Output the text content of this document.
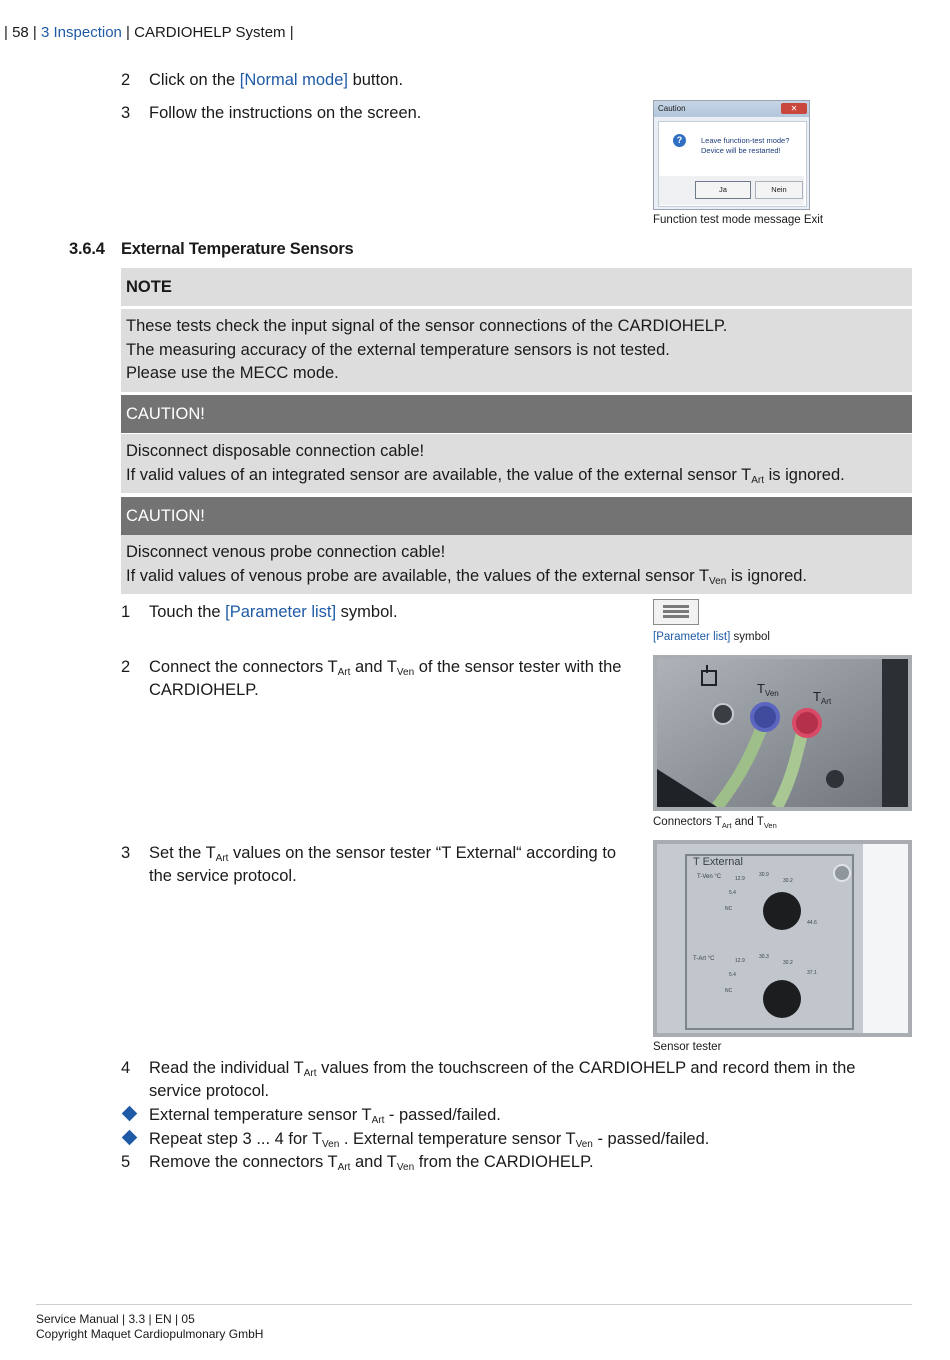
| 58 | 3 Inspection | CARDIOHELP System |
2 Click on the [Normal mode] button.
3 Follow the instructions on the screen.	Caution	✕
?	Leave function-test mode?
Device will be restarted!
Ja	Nein
Function test mode message Exit
3.6.4 External Temperature Sensors
NOTE
These tests check the input signal of the sensor connections of the CARDIOHELP.
The measuring accuracy of the external temperature sensors is not tested.
Please use the MECC mode.
CAUTION!
Disconnect disposable connection cable!
If valid values of an integrated sensor are available, the value of the external sensor $T_{Art}$ is ignored.
CAUTION!
Disconnect venous probe connection cable!
If valid values of venous probe are available, the values of the external sensor $T_{Ven}$ is ignored.
1 Touch the [Parameter list] symbol.
[Parameter list] symbol
2 Connect the connectors $T_{Art}$ and $T_{Ven}$ of the sensor tester with the
CARDIOHELP.	$T_{Ven}$	$T_{Art}$
Connectors $T_{Art}$ and $T_{Ven}$
3 Set the $T_{Art}$ values on the sensor tester “T External“ according to
the service protocol.
T External
T-Ven °C
T-Art °C
12.9
30.9
30.2
5.4
NC
44.6
12.9
30.3
30.2
5.4
NC
37.1
Sensor tester
4 Read the individual $T_{Art}$ values from the touchscreen of the CARDIOHELP and record them in the
service protocol.
External temperature sensor $T_{Art}$ - passed/failed.
Repeat step 3 ... 4 for $T_{Ven}$ . External temperature sensor $T_{Ven}$ - passed/failed.
5 Remove the connectors $T_{Art}$ and $T_{Ven}$ from the CARDIOHELP.
Service Manual | 3.3 | EN | 05
Copyright Maquet Cardiopulmonary GmbH
